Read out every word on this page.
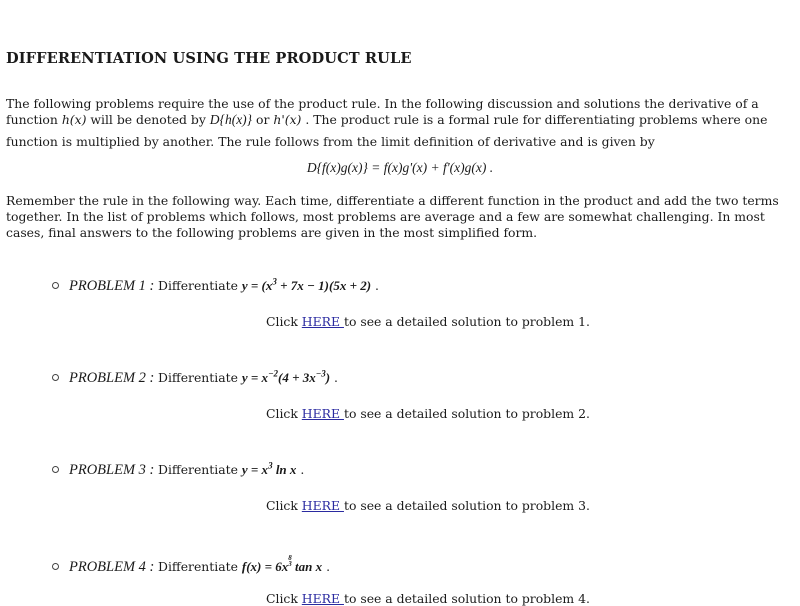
DIFFERENTIATION USING THE PRODUCT RULE

The following problems require the use of the product rule. In the following discussion and solutions the derivative of a
function h(x) will be denoted by D{h(x)} or h'(x) . The product rule is a formal rule for differentiating problems where one
function is multiplied by another. The rule follows from the limit definition of derivative and is given by

D{f(x)g(x)} = f(x)g'(x) + f'(x)g(x) .

Remember the rule in the following way. Each time, differentiate a different function in the product and add the two terms together. In the list of problems which follows, most problems are average and a few are somewhat challenging. In most cases, final answers to the following problems are given in the most simplified form.

PROBLEM 1 : Differentiate $y = (x^3 + 7x - 1)(5x + 2)$ .
Click HERE to see a detailed solution to problem 1.
PROBLEM 2 : Differentiate $y = x^{-2}(4 + 3x^{-3})$ .
Click HERE to see a detailed solution to problem 2.
PROBLEM 3 : Differentiate $y = x^3$ ln x .
Click HERE to see a detailed solution to problem 3.
PROBLEM 4 : Differentiate f(x) = 6x8
3 tan x .
Click HERE to see a detailed solution to problem 4.
